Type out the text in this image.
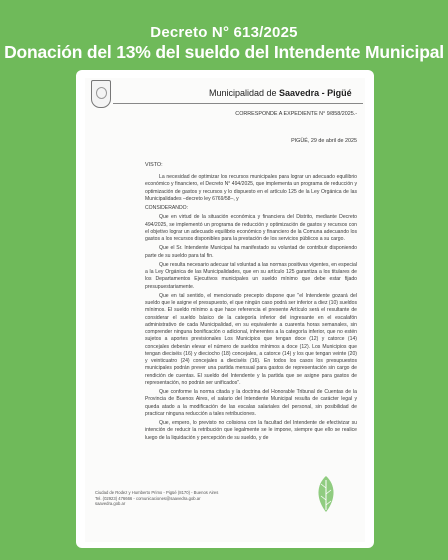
Decreto N° 613/2025
Donación del 13% del sueldo del Intendente Municipal
Municipalidad de Saavedra - Pigüé
CORRESPONDE A EXPEDIENTE N° 9/858/2025.-
PIGÜÉ, 29 de abril de 2025
VISTO:

La necesidad de optimizar los recursos municipales para lograr un adecuado equilibrio económico y financiero, el Decreto N° 494/2025, que implementa un programa de reducción y optimización de gastos y recursos y lo dispuesto en el artículo 125 de la Ley Orgánica de las Municipalidades –decreto ley 6769/58–, y

CONSIDERANDO:

Que en virtud de la situación económica y financiera del Distrito, mediante Decreto 494/2025, se implementó un programa de reducción y optimización de gastos y recursos con el objetivo lograr un adecuado equilibrio económico y financiero de la Comuna adecuando los gastos a los recursos disponibles para la prestación de los servicios públicos a su cargo.

Que el Sr. Intendente Municipal ha manifestado su voluntad de contribuir disponiendo parte de su sueldo para tal fin.

Que resulta necesario adecuar tal voluntad a las normas positivas vigentes, en especial a la Ley Orgánica de las Municipalidades, que en su artículo 125 garantiza a los titulares de los Departamentos Ejecutivos municipales un sueldo mínimo que debe estar fijado presupuestariamente.

Que en tal sentido, el mencionado precepto dispone que "el Intendente gozará del sueldo que le asigne el presupuesto, el que ningún caso podrá ser inferior a diez (10) sueldos mínimos. El sueldo mínimo a que hace referencia el presente Artículo será el resultante de considerar el sueldo básico de la categoría inferior del ingresante en el escalafón administrativo de cada Municipalidad, en su equivalente a cuarenta horas semanales, sin comprender ninguna bonificación o adicional, inherentes a la categoría inferior, que no estén sujetos a aportes previsionales Los Municipios que tengan doce (12) y catorce (14) concejales deberán elevar el número de sueldos mínimos a doce (12). Los Municipios que tengan dieciséis (16) y dieciocho (18) concejales, a catorce (14) y los que tengan veinte (20) y veinticuatro (24) concejales a dieciséis (16). En todos los casos los presupuestos municipales podrán prever una partida mensual para gastos de representación sin cargo de rendición de cuentas. El sueldo del Intendente y la partida que se asigne para gastos de representación, no podrán ser unificados".

Que conforme la norma citada y la doctrina del Honorable Tribunal de Cuentas de la Provincia de Buenos Aires, el salario del Intendente Municipal resulta de carácter legal y queda atado a la modificación de las escalas salariales del personal, sin posibilidad de practicar ninguna reducción a tales retribuciones.

Que, empero, lo previsto no colisiona con la facultad del Intendente de efectivizar su intención de reducir la retribución que legalmente se le impone, siempre que ello se realice luego de la liquidación y percepción de su sueldo, y de

Ciudad de Rodez y Humberto Primo - Pigüé (8170) - Buenos Aires
Tel. (02923) 476666 - comunicaciones@saavedra.gob.ar
saavedra.gob.ar
